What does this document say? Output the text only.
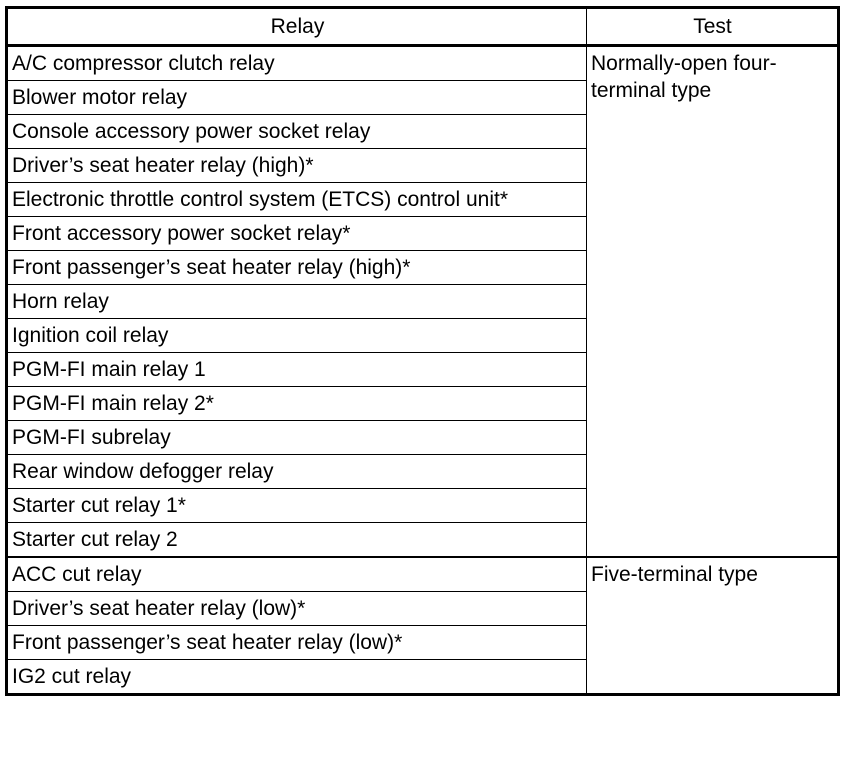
Relay	Test
A/C compressor clutch relay	Normally-open four-terminal type
Blower motor relay	
Console accessory power socket relay	
Driver’s seat heater relay (high)*	
Electronic throttle control system (ETCS) control unit*	
Front accessory power socket relay*	
Front passenger’s seat heater relay (high)*	
Horn relay	
Ignition coil relay	
PGM-FI main relay 1	
PGM-FI main relay 2*	
PGM-FI subrelay	
Rear window defogger relay	
Starter cut relay 1*	
Starter cut relay 2	
ACC cut relay	Five-terminal type
Driver’s seat heater relay (low)*	
Front passenger’s seat heater relay (low)*	
IG2 cut relay	
